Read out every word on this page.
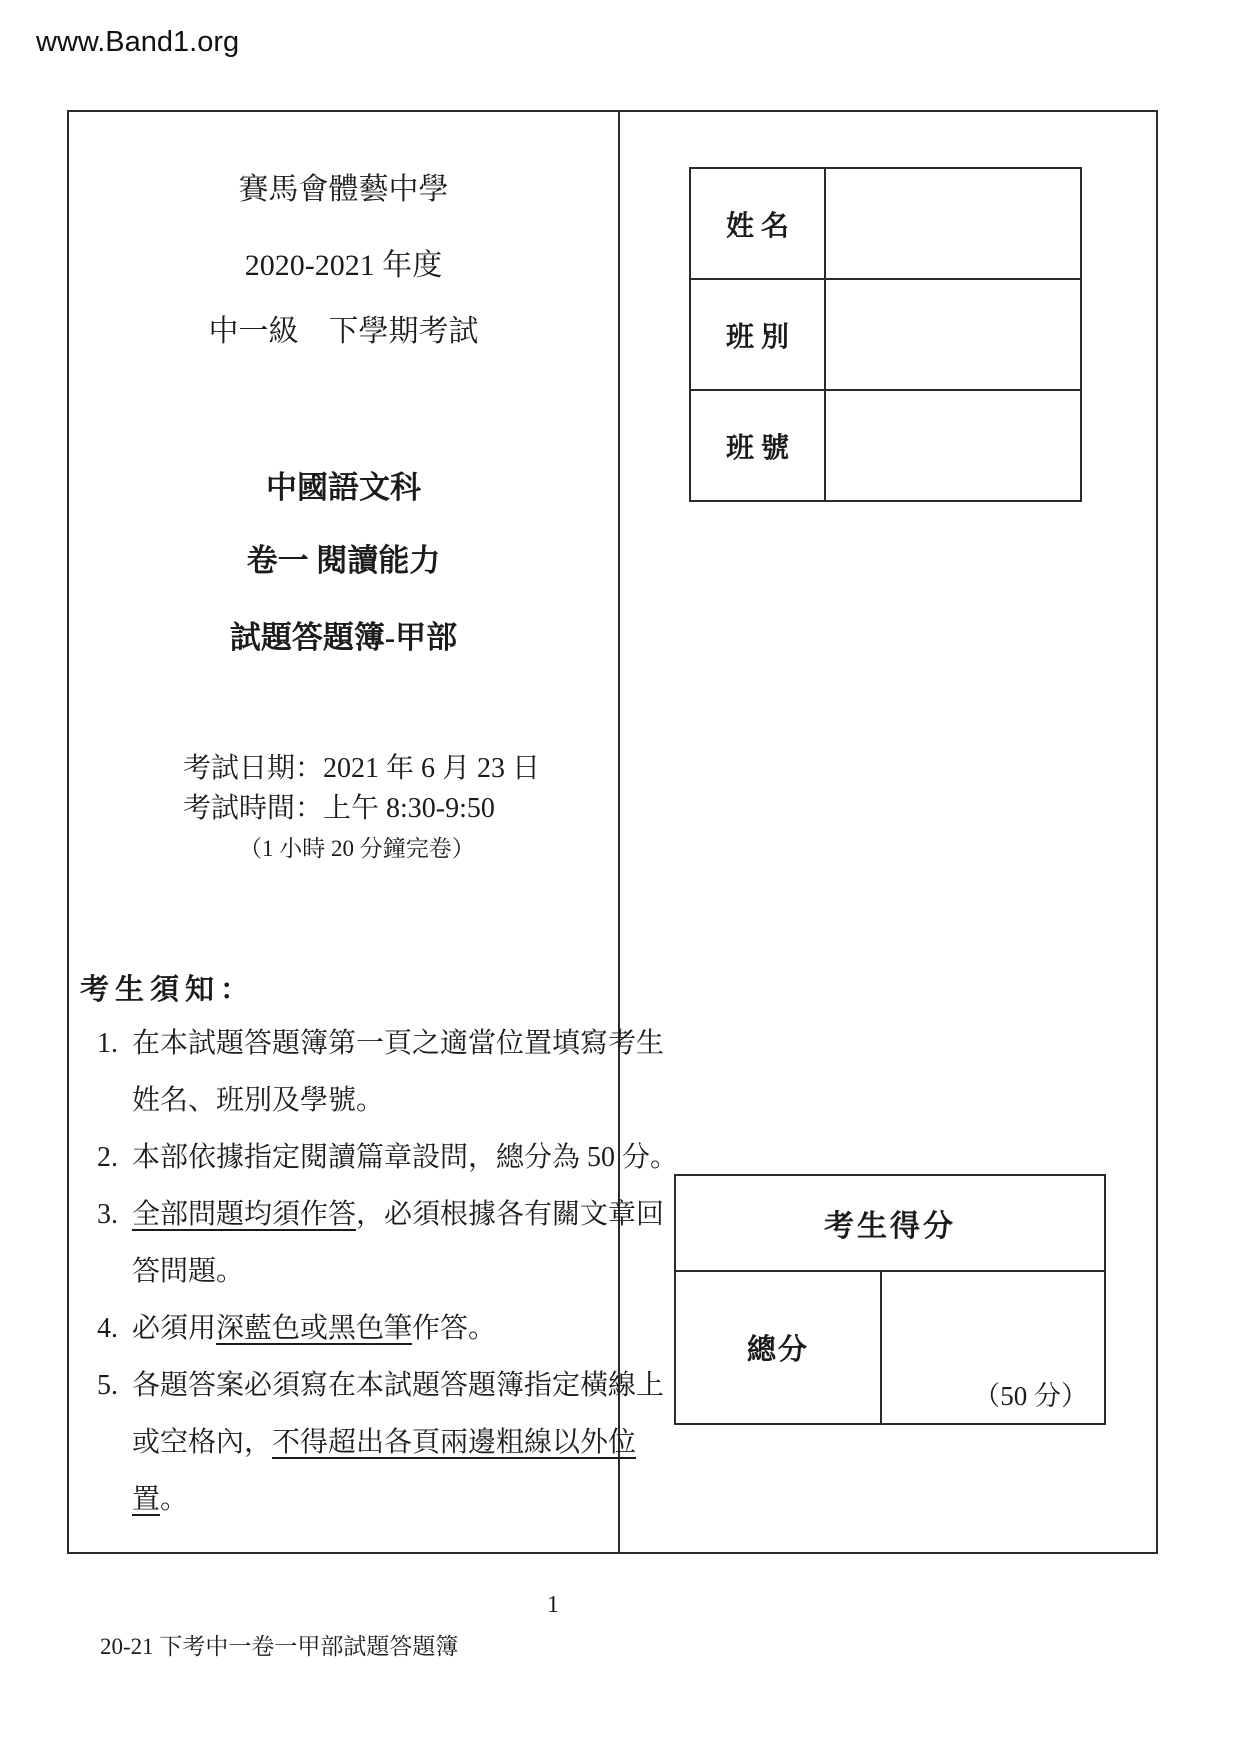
www.Band1.org
賽馬會體藝中學
2020-2021 年度
中一級　下學期考試
中國語文科
卷一 閱讀能力
試題答題簿-甲部
考試日期：2021 年 6 月 23 日
考試時間：上午 8:30-9:50
（1 小時 20 分鐘完卷）
考生須知：
1. 在本試題答題簿第一頁之適當位置填寫考生
姓名、班別及學號。
2. 本部依據指定閱讀篇章設問，總分為 50 分。
3. 全部問題均須作答，必須根據各有關文章回
答問題。
4. 必須用深藍色或黑色筆作答。
5. 各題答案必須寫在本試題答題簿指定橫線上
或空格內，不得超出各頁兩邊粗線以外位
置。
姓 名
班 別
班 號
考生得分
總分
（50 分）
1
20-21 下考中一卷一甲部試題答題簿
